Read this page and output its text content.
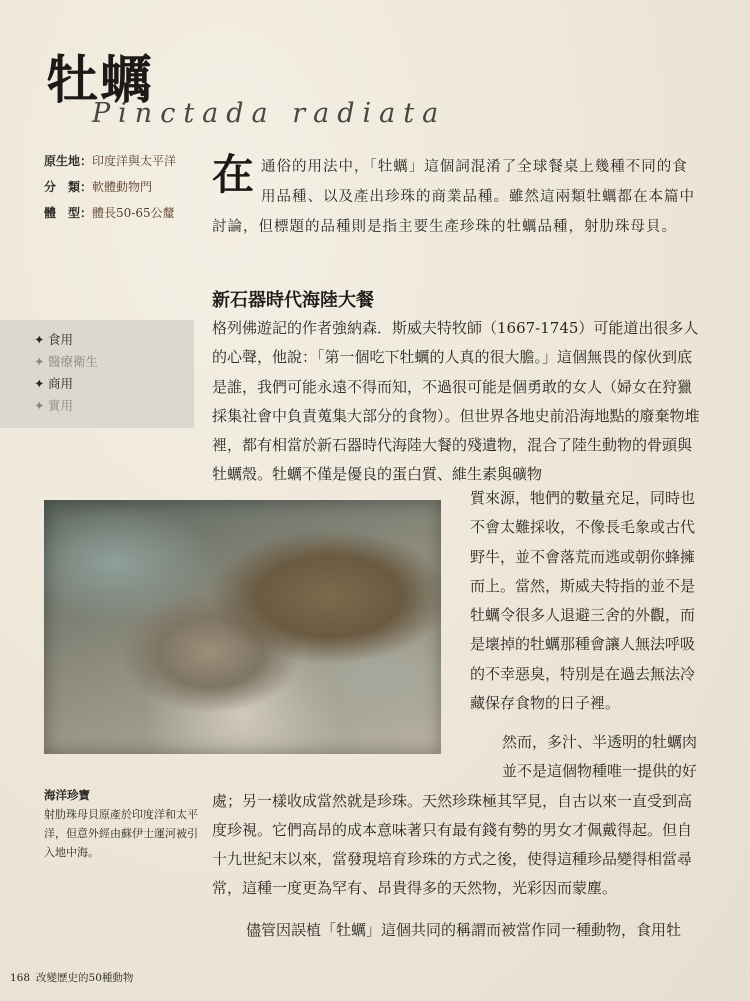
牡蠣
Pinctada radiata
原生地：印度洋與太平洋
分　類：軟體動物門
體　型：體長50-65公釐
✦ 食用
✦ 醫療衛生
✦ 商用
✦ 實用
在通俗的用法中，「牡蠣」這個詞混淆了全球餐桌上幾種不同的食用品種、以及產出珍珠的商業品種。雖然這兩類牡蠣都在本篇中討論，但標題的品種則是指主要生產珍珠的牡蠣品種，射肋珠母貝。
新石器時代海陸大餐
格列佛遊記的作者強納森．斯威夫特牧師（1667-1745）可能道出很多人的心聲，他說：「第一個吃下牡蠣的人真的很大膽。」這個無畏的傢伙到底是誰，我們可能永遠不得而知，不過很可能是個勇敢的女人（婦女在狩獵採集社會中負責蒐集大部分的食物）。但世界各地史前沿海地點的廢棄物堆裡，都有相當於新石器時代海陸大餐的殘遺物，混合了陸生動物的骨頭與牡蠣殼。牡蠣不僅是優良的蛋白質、維生素與礦物
質來源，牠們的數量充足，同時也不會太難採收，不像長毛象或古代野牛，並不會落荒而逃或朝你蜂擁而上。當然，斯威夫特指的並不是牡蠣令很多人退避三舍的外觀，而是壞掉的牡蠣那種會讓人無法呼吸的不幸惡臭，特別是在過去無法冷藏保存食物的日子裡。
海洋珍寶
射肋珠母貝原產於印度洋和太平洋，但意外經由蘇伊士運河被引入地中海。
然而，多汁、半透明的牡蠣肉並不是這個物種唯一提供的好
處；另一樣收成當然就是珍珠。天然珍珠極其罕見，自古以來一直受到高度珍視。它們高昂的成本意味著只有最有錢有勢的男女才佩戴得起。但自十九世紀末以來，當發現培育珍珠的方式之後，使得這種珍品變得相當尋常，這種一度更為罕有、昂貴得多的天然物，光彩因而蒙塵。
儘管因誤植「牡蠣」這個共同的稱謂而被當作同一種動物，食用牡
168 改變歷史的50種動物
